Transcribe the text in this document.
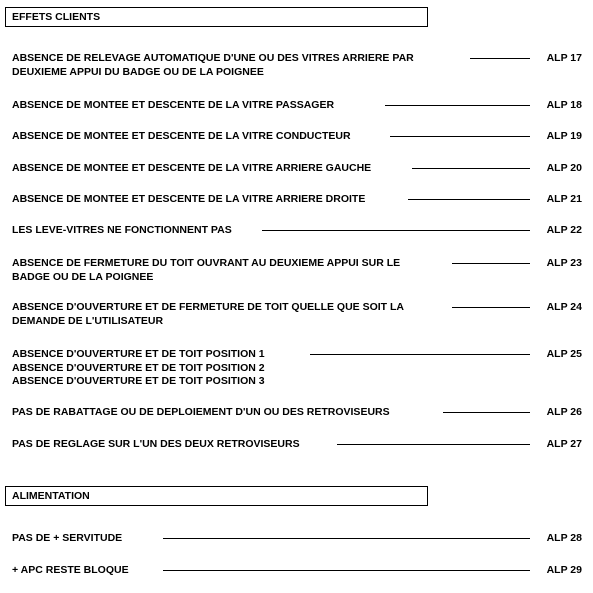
EFFETS CLIENTS
ALIMENTATION
ABSENCE DE RELEVAGE AUTOMATIQUE D'UNE OU DES VITRES ARRIERE PAR
DEUXIEME APPUI DU BADGE OU DE LA POIGNEE
ALP 17
ABSENCE DE MONTEE ET DESCENTE DE LA VITRE PASSAGER	ALP 18
ABSENCE DE MONTEE ET DESCENTE DE LA VITRE CONDUCTEUR	ALP 19
ABSENCE DE MONTEE ET DESCENTE DE LA VITRE ARRIERE GAUCHE	ALP 20
ABSENCE DE MONTEE ET DESCENTE DE LA VITRE ARRIERE DROITE	ALP 21
LES LEVE-VITRES NE FONCTIONNENT PAS	ALP 22
ABSENCE DE FERMETURE DU TOIT OUVRANT AU DEUXIEME APPUI SUR LE
BADGE OU DE LA POIGNEE
ALP 23
ABSENCE D'OUVERTURE ET DE FERMETURE DE TOIT QUELLE QUE SOIT LA
DEMANDE DE L'UTILISATEUR
ALP 24
ABSENCE D'OUVERTURE ET DE TOIT POSITION 1
ABSENCE D'OUVERTURE ET DE TOIT POSITION 2
ABSENCE D'OUVERTURE ET DE TOIT POSITION 3
ALP 25
PAS DE RABATTAGE OU DE DEPLOIEMENT D'UN OU DES RETROVISEURS	ALP 26
PAS DE REGLAGE SUR L'UN DES DEUX RETROVISEURS	ALP 27
PAS DE + SERVITUDE	ALP 28
+ APC RESTE BLOQUE	ALP 29
